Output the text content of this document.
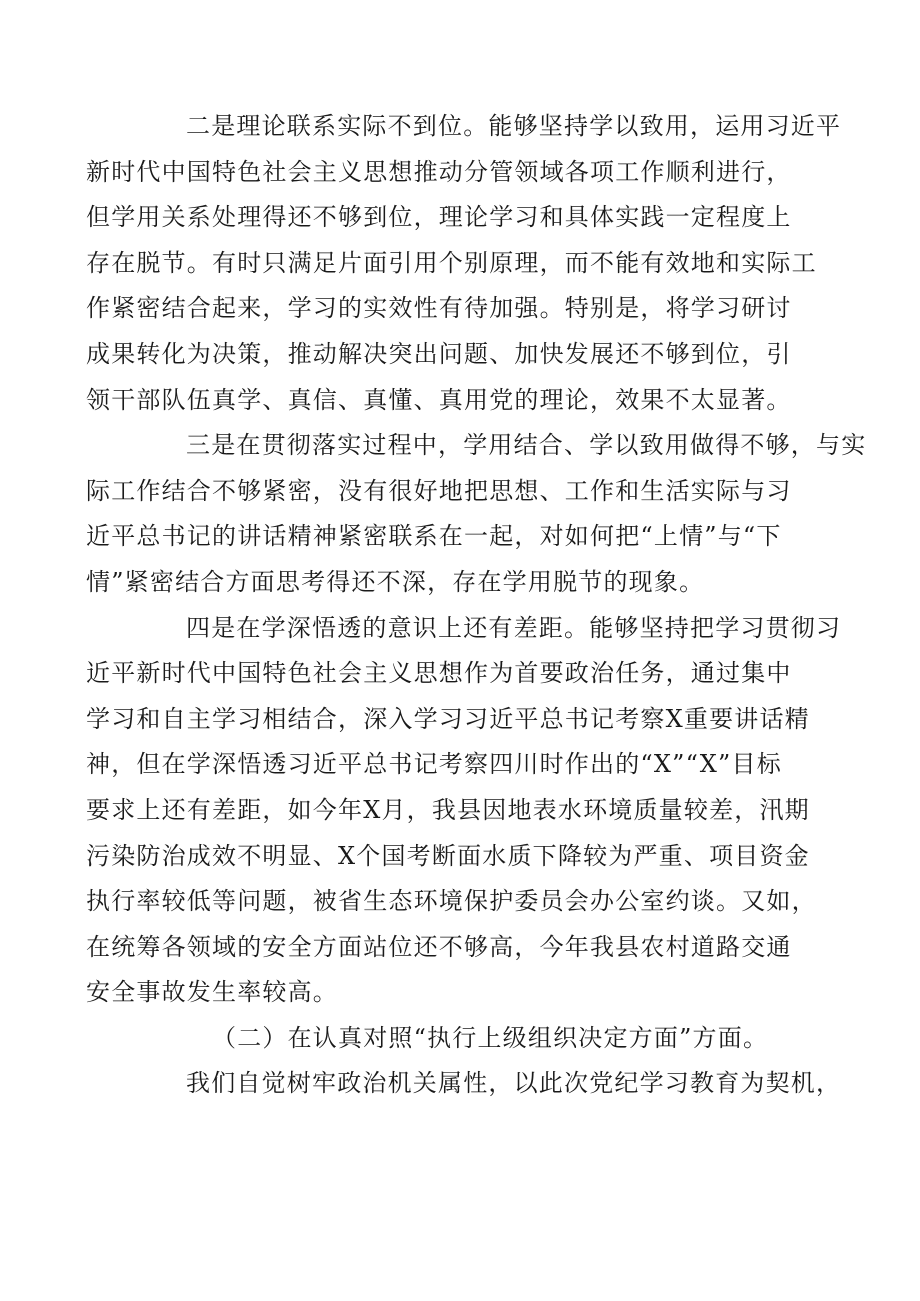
二是理论联系实际不到位。能够坚持学以致用，运用习近平
新时代中国特色社会主义思想推动分管领域各项工作顺利进行，
但学用关系处理得还不够到位，理论学习和具体实践一定程度上
存在脱节。有时只满足片面引用个别原理，而不能有效地和实际工
作紧密结合起来，学习的实效性有待加强。特别是，将学习研讨
成果转化为决策，推动解决突出问题、加快发展还不够到位，引
领干部队伍真学、真信、真懂、真用党的理论，效果不太显著。

三是在贯彻落实过程中，学用结合、学以致用做得不够，与实
际工作结合不够紧密，没有很好地把思想、工作和生活实际与习
近平总书记的讲话精神紧密联系在一起，对如何把“上情”与“下
情”紧密结合方面思考得还不深，存在学用脱节的现象。

四是在学深悟透的意识上还有差距。能够坚持把学习贯彻习
近平新时代中国特色社会主义思想作为首要政治任务，通过集中
学习和自主学习相结合，深入学习习近平总书记考察X重要讲话精
神，但在学深悟透习近平总书记考察四川时作出的“X”“X”目标
要求上还有差距，如今年X月，我县因地表水环境质量较差，汛期
污染防治成效不明显、X个国考断面水质下降较为严重、项目资金
执行率较低等问题，被省生态环境保护委员会办公室约谈。又如，
在统筹各领域的安全方面站位还不够高，今年我县农村道路交通
安全事故发生率较高。

（二）在认真对照“执行上级组织决定方面”方面。

我们自觉树牢政治机关属性，以此次党纪学习教育为契机，
